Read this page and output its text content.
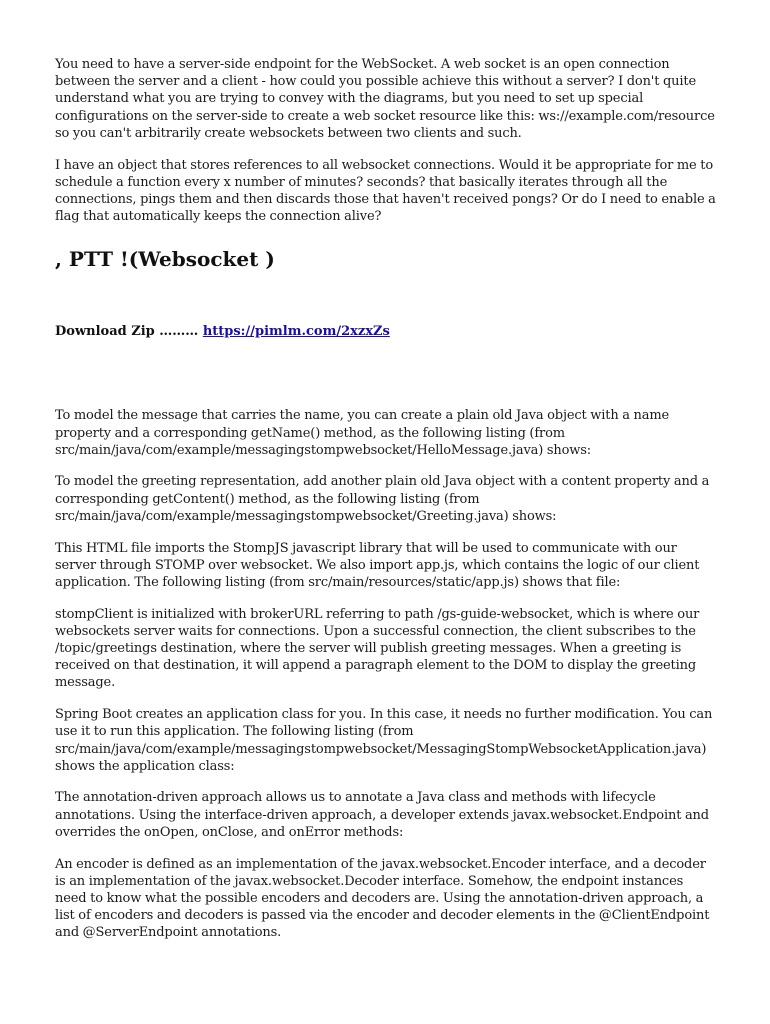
You need to have a server-side endpoint for the WebSocket. A web socket is an open connection between the server and a client - how could you possible achieve this without a server? I don't quite understand what you are trying to convey with the diagrams, but you need to set up special configurations on the server-side to create a web socket resource like this: ws://example.com/resource so you can't arbitrarily create websockets between two clients and such.

I have an object that stores references to all websocket connections. Would it be appropriate for me to schedule a function every x number of minutes? seconds? that basically iterates through all the connections, pings them and then discards those that haven't received pongs? Or do I need to enable a flag that automatically keeps the connection alive?

, PTT !(Websocket )

Download Zip ……… https://pimlm.com/2xzxZs

To model the message that carries the name, you can create a plain old Java object with a name property and a corresponding getName() method, as the following listing (from src/main/java/com/example/messagingstompwebsocket/HelloMessage.java) shows:

To model the greeting representation, add another plain old Java object with a content property and a corresponding getContent() method, as the following listing (from src/main/java/com/example/messagingstompwebsocket/Greeting.java) shows:

This HTML file imports the StompJS javascript library that will be used to communicate with our server through STOMP over websocket. We also import app.js, which contains the logic of our client application. The following listing (from src/main/resources/static/app.js) shows that file:

stompClient is initialized with brokerURL referring to path /gs-guide-websocket, which is where our websockets server waits for connections. Upon a successful connection, the client subscribes to the /topic/greetings destination, where the server will publish greeting messages. When a greeting is received on that destination, it will append a paragraph element to the DOM to display the greeting message.

Spring Boot creates an application class for you. In this case, it needs no further modification. You can use it to run this application. The following listing (from src/main/java/com/example/messagingstompwebsocket/MessagingStompWebsocketApplication.java) shows the application class:

The annotation-driven approach allows us to annotate a Java class and methods with lifecycle annotations. Using the interface-driven approach, a developer extends javax.websocket.Endpoint and overrides the onOpen, onClose, and onError methods:

An encoder is defined as an implementation of the javax.websocket.Encoder interface, and a decoder is an implementation of the javax.websocket.Decoder interface. Somehow, the endpoint instances need to know what the possible encoders and decoders are. Using the annotation-driven approach, a list of encoders and decoders is passed via the encoder and decoder elements in the @ClientEndpoint and @ServerEndpoint annotations.
